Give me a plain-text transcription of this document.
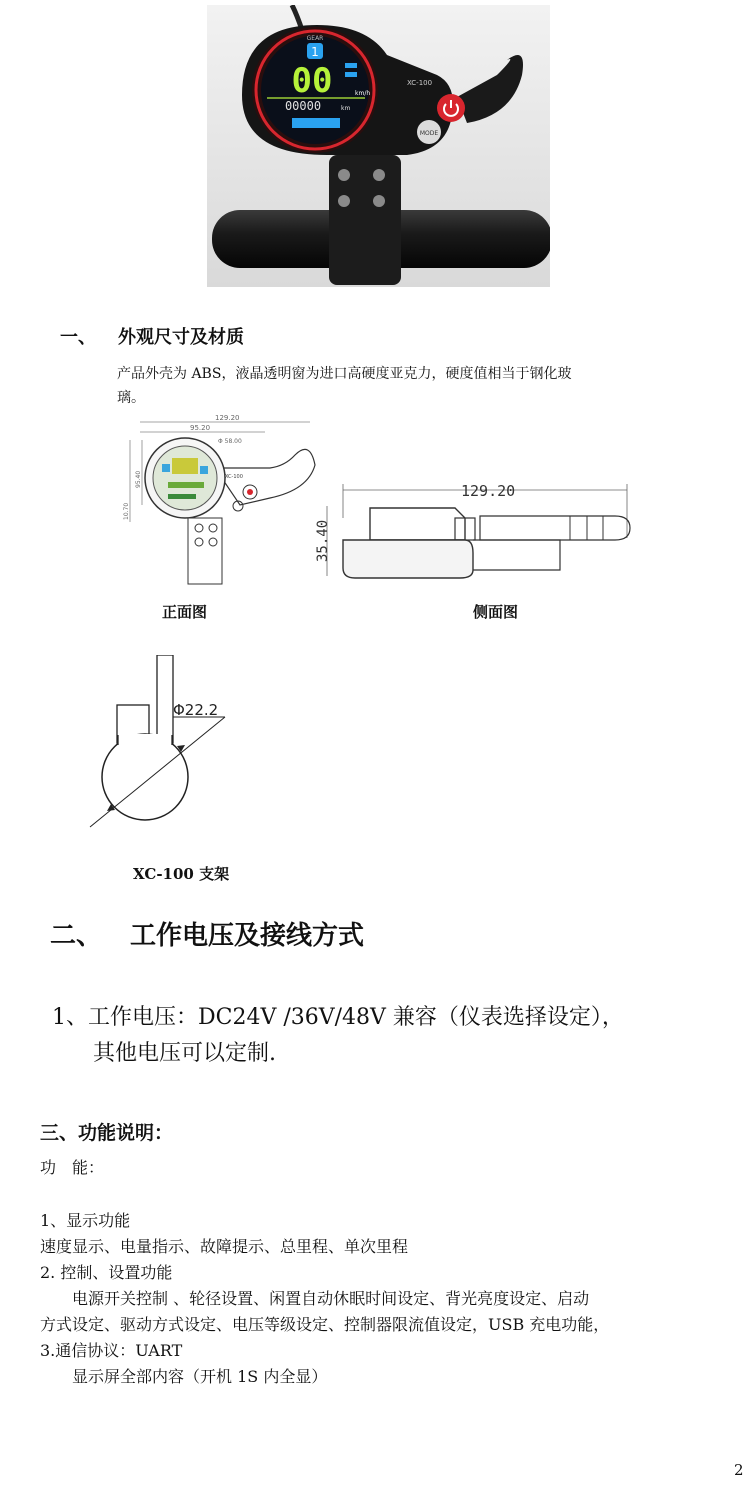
1
GEAR
00	km/h
00000	km
XC-100
MODE
一、 外观尺寸及材质
产品外壳为 ABS，液晶透明窗为进口高硬度亚克力，硬度值相当于钢化玻
璃。
129.20
95.20
Φ 58.00
10.70
95.40	XC-100
正面图
129.20
35.40
侧面图
Φ22.2
XC-100 支架
二、 工作电压及接线方式
1、工作电压：DC24V /36V/48V 兼容（仪表选择设定），
其他电压可以定制.
三、功能说明：
功　能：
1、显示功能
速度显示、电量指示、故障提示、总里程、单次里程
2. 控制、设置功能
　　电源开关控制 、轮径设置、闲置自动休眠时间设定、背光亮度设定、启动
方式设定、驱动方式设定、电压等级设定、控制器限流值设定，USB 充电功能，
3.通信协议：UART
　　显示屏全部内容（开机 1S 内全显）
2
